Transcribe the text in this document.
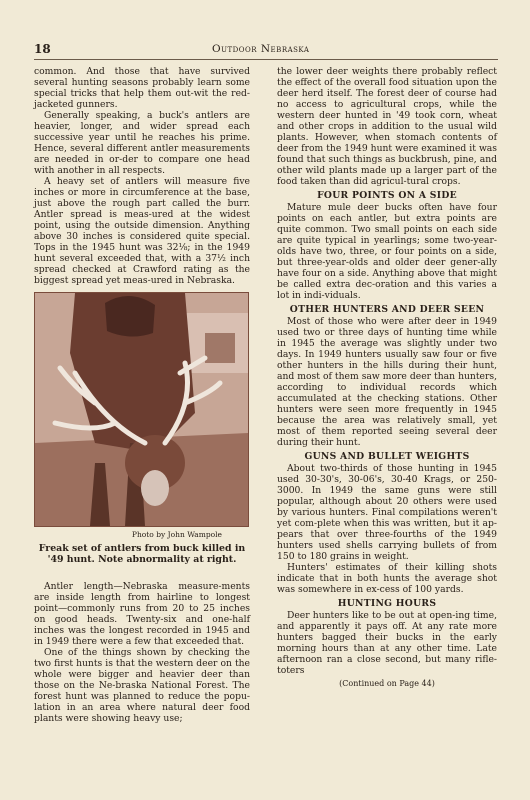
18	Outdoor Nebraska

common. And those that have survived several hunting seasons probably learn some special tricks that help them out-wit the red-jacketed gunners.

Generally speaking, a buck's antlers are heavier, longer, and wider spread each successive year until he reaches his prime. Hence, several different antler measurements are needed in or-der to compare one head with another in all respects.

A heavy set of antlers will measure five inches or more in circumference at the base, just above the rough part called the burr. Antler spread is meas-ured at the widest point, using the outside dimension. Anything above 30 inches is considered quite special. Tops in the 1945 hunt was 32⅛; in the 1949 hunt several exceeded that, with a 37½ inch spread checked at Crawford rating as the biggest spread yet meas-ured in Nebraska.

Photo by John Wampole
Freak set of antlers from buck killed in '49 hunt. Note abnormality at right.

Antler length—Nebraska measure-ments are inside length from hairline to longest point—commonly runs from 20 to 25 inches on good heads. Twenty-six and one-half inches was the longest recorded in 1945 and in 1949 there were a few that exceeded that.

One of the things shown by checking the two first hunts is that the western deer on the whole were bigger and heavier deer than those on the Ne-braska National Forest. The forest hunt was planned to reduce the popu-lation in an area where natural deer food plants were showing heavy use;

the lower deer weights there probably reflect the effect of the overall food situation upon the deer herd itself. The forest deer of course had no access to agricultural crops, while the western deer hunted in '49 took corn, wheat and other crops in addition to the usual wild plants. However, when stomach contents of deer from the 1949 hunt were examined it was found that such things as buckbrush, pine, and other wild plants made up a larger part of the food taken than did agricul-tural crops.

FOUR POINTS ON A SIDE

Mature mule deer bucks often have four points on each antler, but extra points are quite common. Two small points on each side are quite typical in yearlings; some two-year-olds have two, three, or four points on a side, but three-year-olds and older deer gener-ally have four on a side. Anything above that might be called extra dec-oration and this varies a lot in indi-viduals.

OTHER HUNTERS AND DEER SEEN

Most of those who were after deer in 1949 used two or three days of hunting time while in 1945 the average was slightly under two days. In 1949 hunters usually saw four or five other hunters in the hills during their hunt, and most of them saw more deer than hunters, according to individual records which accumulated at the checking stations. Other hunters were seen more frequently in 1945 because the area was relatively small, yet most of them reported seeing several deer during their hunt.

GUNS AND BULLET WEIGHTS

About two-thirds of those hunting in 1945 used 30-30's, 30-06's, 30-40 Krags, or 250-3000. In 1949 the same guns were still popular, although about 20 others were used by various hunters. Final compilations weren't yet com-plete when this was written, but it ap-pears that over three-fourths of the 1949 hunters used shells carrying bullets of from 150 to 180 grains in weight.

Hunters' estimates of their killing shots indicate that in both hunts the average shot was somewhere in ex-cess of 100 yards.

HUNTING HOURS

Deer hunters like to be out at open-ing time, and apparently it pays off. At any rate more hunters bagged their bucks in the early morning hours than at any other time. Late afternoon ran a close second, but many rifle-toters

(Continued on Page 44)
